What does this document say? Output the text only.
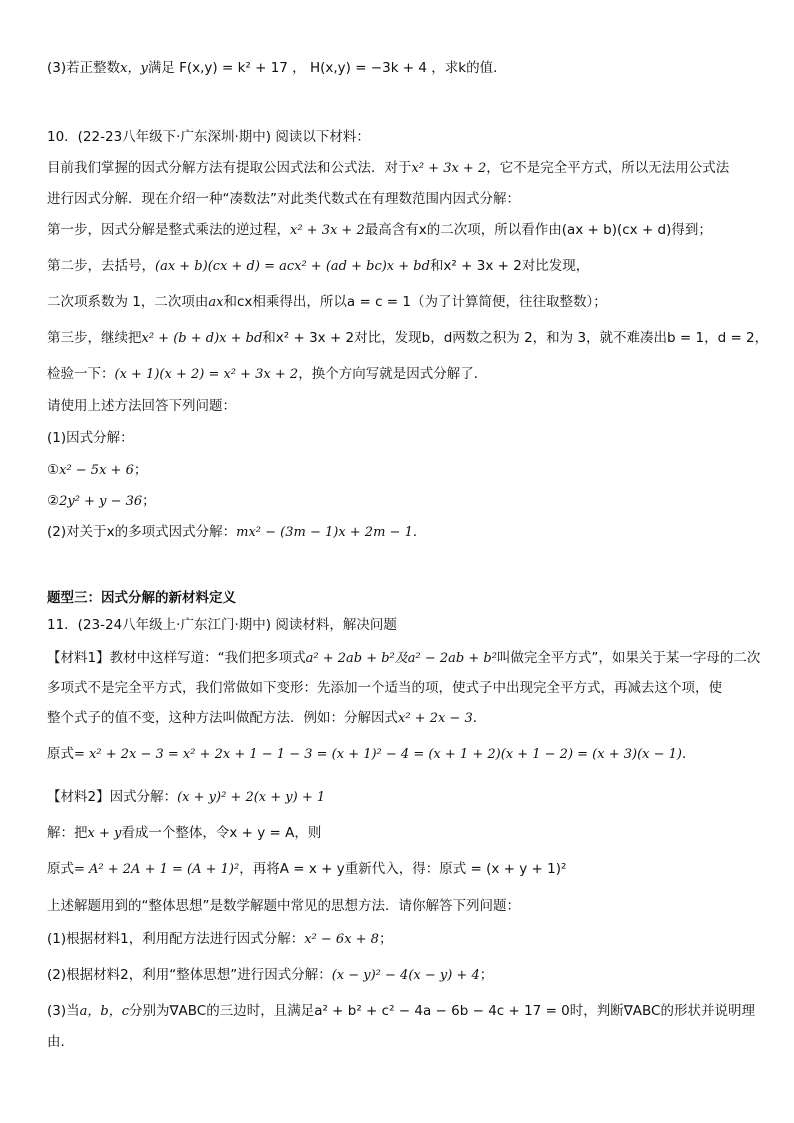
(3)若正整数x，y满足 F(x,y) = k² + 17 ， H(x,y) = −3k + 4 ，求k的值．
10．(22-23八年级下·广东深圳·期中) 阅读以下材料：
目前我们掌握的因式分解方法有提取公因式法和公式法．对于x² + 3x + 2，它不是完全平方式，所以无法用公式法
进行因式分解．现在介绍一种“凑数法”对此类代数式在有理数范围内因式分解：
第一步，因式分解是整式乘法的逆过程，x² + 3x + 2最高含有x的二次项，所以看作由(ax + b)(cx + d)得到；
第二步，去括号，(ax + b)(cx + d) = acx² + (ad + bc)x + bd和x² + 3x + 2对比发现，
二次项系数为 1，二次项由ax和cx相乘得出，所以a = c = 1（为了计算简便，往往取整数）；
第三步，继续把x² + (b + d)x + bd和x² + 3x + 2对比，发现b，d两数之积为 2，和为 3，就不难凑出b = 1，d = 2，
检验一下：(x + 1)(x + 2) = x² + 3x + 2，换个方向写就是因式分解了．
请使用上述方法回答下列问题：
(1)因式分解：
①x² − 5x + 6；
②2y² + y − 36；
(2)对关于x的多项式因式分解：mx² − (3m − 1)x + 2m − 1．
题型三：因式分解的新材料定义
11．(23-24八年级上·广东江门·期中) 阅读材料，解决问题
【材料1】教材中这样写道：“我们把多项式a² + 2ab + b²及a² − 2ab + b²叫做完全平方式”，如果关于某一字母的二次
多项式不是完全平方式，我们常做如下变形：先添加一个适当的项，使式子中出现完全平方式，再减去这个项，使
整个式子的值不变，这种方法叫做配方法．例如：分解因式x² + 2x − 3．
原式= x² + 2x − 3 = x² + 2x + 1 − 1 − 3 = (x + 1)² − 4 = (x + 1 + 2)(x + 1 − 2) = (x + 3)(x − 1)．
【材料2】因式分解：(x + y)² + 2(x + y) + 1
解：把x + y看成一个整体，令x + y = A，则
原式= A² + 2A + 1 = (A + 1)²，再将A = x + y重新代入，得：原式 = (x + y + 1)²
上述解题用到的“整体思想”是数学解题中常见的思想方法．请你解答下列问题：
(1)根据材料1，利用配方法进行因式分解：x² − 6x + 8；
(2)根据材料2，利用“整体思想”进行因式分解：(x − y)² − 4(x − y) + 4；
(3)当a，b，c分别为∇ABC的三边时，且满足a² + b² + c² − 4a − 6b − 4c + 17 = 0时，判断∇ABC的形状并说明理
由．
